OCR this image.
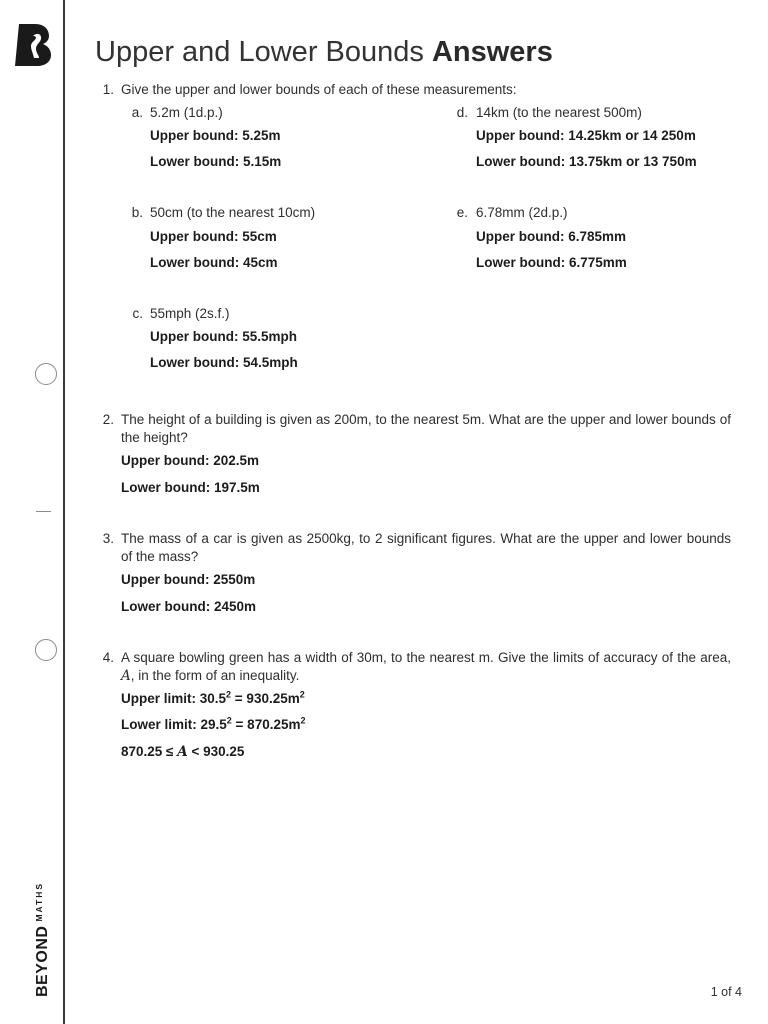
$BEYOND^{MATHS}$
Upper and Lower Bounds Answers
1. Give the upper and lower bounds of each of these measurements:
a. 5.2m (1d.p.)
Upper bound: 5.25m
Lower bound: 5.15m
b. 50cm (to the nearest 10cm)
Upper bound: 55cm
Lower bound: 45cm
c. 55mph (2s.f.)
Upper bound: 55.5mph
Lower bound: 54.5mph
d. 14km (to the nearest 500m)
Upper bound: 14.25km or 14 250m
Lower bound: 13.75km or 13 750m
e. 6.78mm (2d.p.)
Upper bound: 6.785mm
Lower bound: 6.775mm
2. The height of a building is given as 200m, to the nearest 5m. What are the upper and lower bounds of the height?
Upper bound: 202.5m
Lower bound: 197.5m
3. The mass of a car is given as 2500kg, to 2 significant figures. What are the upper and lower bounds of the mass?
Upper bound: 2550m
Lower bound: 2450m
4. A square bowling green has a width of 30m, to the nearest m. Give the limits of accuracy of the area, A, in the form of an inequality.
Upper limit: $30.5^2 = 930.25m^2$
Lower limit: $29.5^2 = 870.25m^2$
870.25 ≤ A < 930.25
1 of 4
